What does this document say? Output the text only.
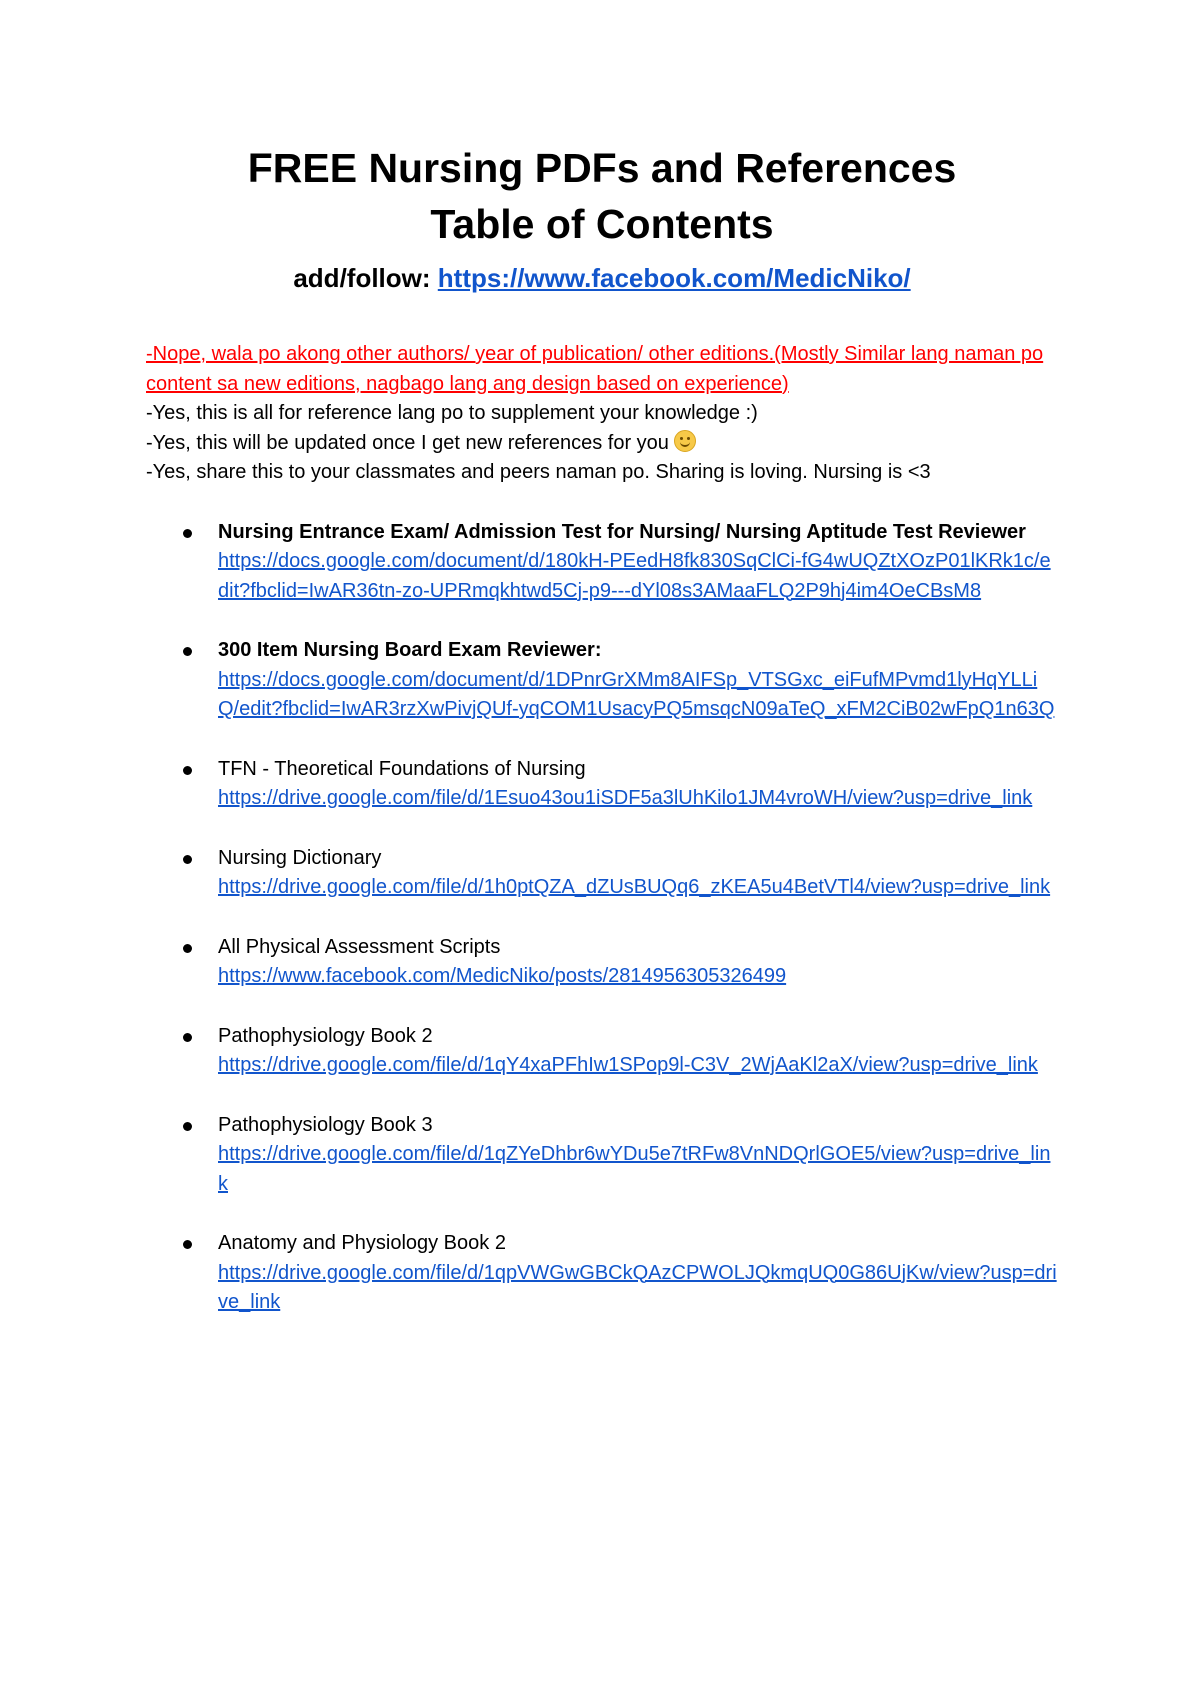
FREE Nursing PDFs and References
Table of Contents
add/follow: https://www.facebook.com/MedicNiko/
-Nope, wala po akong other authors/ year of publication/ other editions.(Mostly Similar lang naman po content sa new editions, nagbago lang ang design based on experience)
-Yes, this is all for reference lang po to supplement your knowledge :)
-Yes, this will be updated once I get new references for you
-Yes, share this to your classmates and peers naman po. Sharing is loving. Nursing is <3
Nursing Entrance Exam/ Admission Test for Nursing/ Nursing Aptitude Test Reviewer
https://docs.google.com/document/d/180kH-PEedH8fk830SqClCi-fG4wUQZtXOzP01lKRk1c/edit?fbclid=IwAR36tn-zo-UPRmqkhtwd5Cj-p9---dYl08s3AMaaFLQ2P9hj4im4OeCBsM8
300 Item Nursing Board Exam Reviewer:
https://docs.google.com/document/d/1DPnrGrXMm8AIFSp_VTSGxc_eiFufMPvmd1lyHqYLLiQ/edit?fbclid=IwAR3rzXwPivjQUf-yqCOM1UsacyPQ5msqcN09aTeQ_xFM2CiB02wFpQ1n63Q
TFN - Theoretical Foundations of Nursing
https://drive.google.com/file/d/1Esuo43ou1iSDF5a3lUhKilo1JM4vroWH/view?usp=drive_link
Nursing Dictionary
https://drive.google.com/file/d/1h0ptQZA_dZUsBUQq6_zKEA5u4BetVTl4/view?usp=drive_link
All Physical Assessment Scripts
https://www.facebook.com/MedicNiko/posts/2814956305326499
Pathophysiology Book 2
https://drive.google.com/file/d/1qY4xaPFhIw1SPop9l-C3V_2WjAaKl2aX/view?usp=drive_link
Pathophysiology Book 3
https://drive.google.com/file/d/1qZYeDhbr6wYDu5e7tRFw8VnNDQrlGOE5/view?usp=drive_link
Anatomy and Physiology Book 2
https://drive.google.com/file/d/1qpVWGwGBCkQAzCPWOLJQkmqUQ0G86UjKw/view?usp=drive_link
